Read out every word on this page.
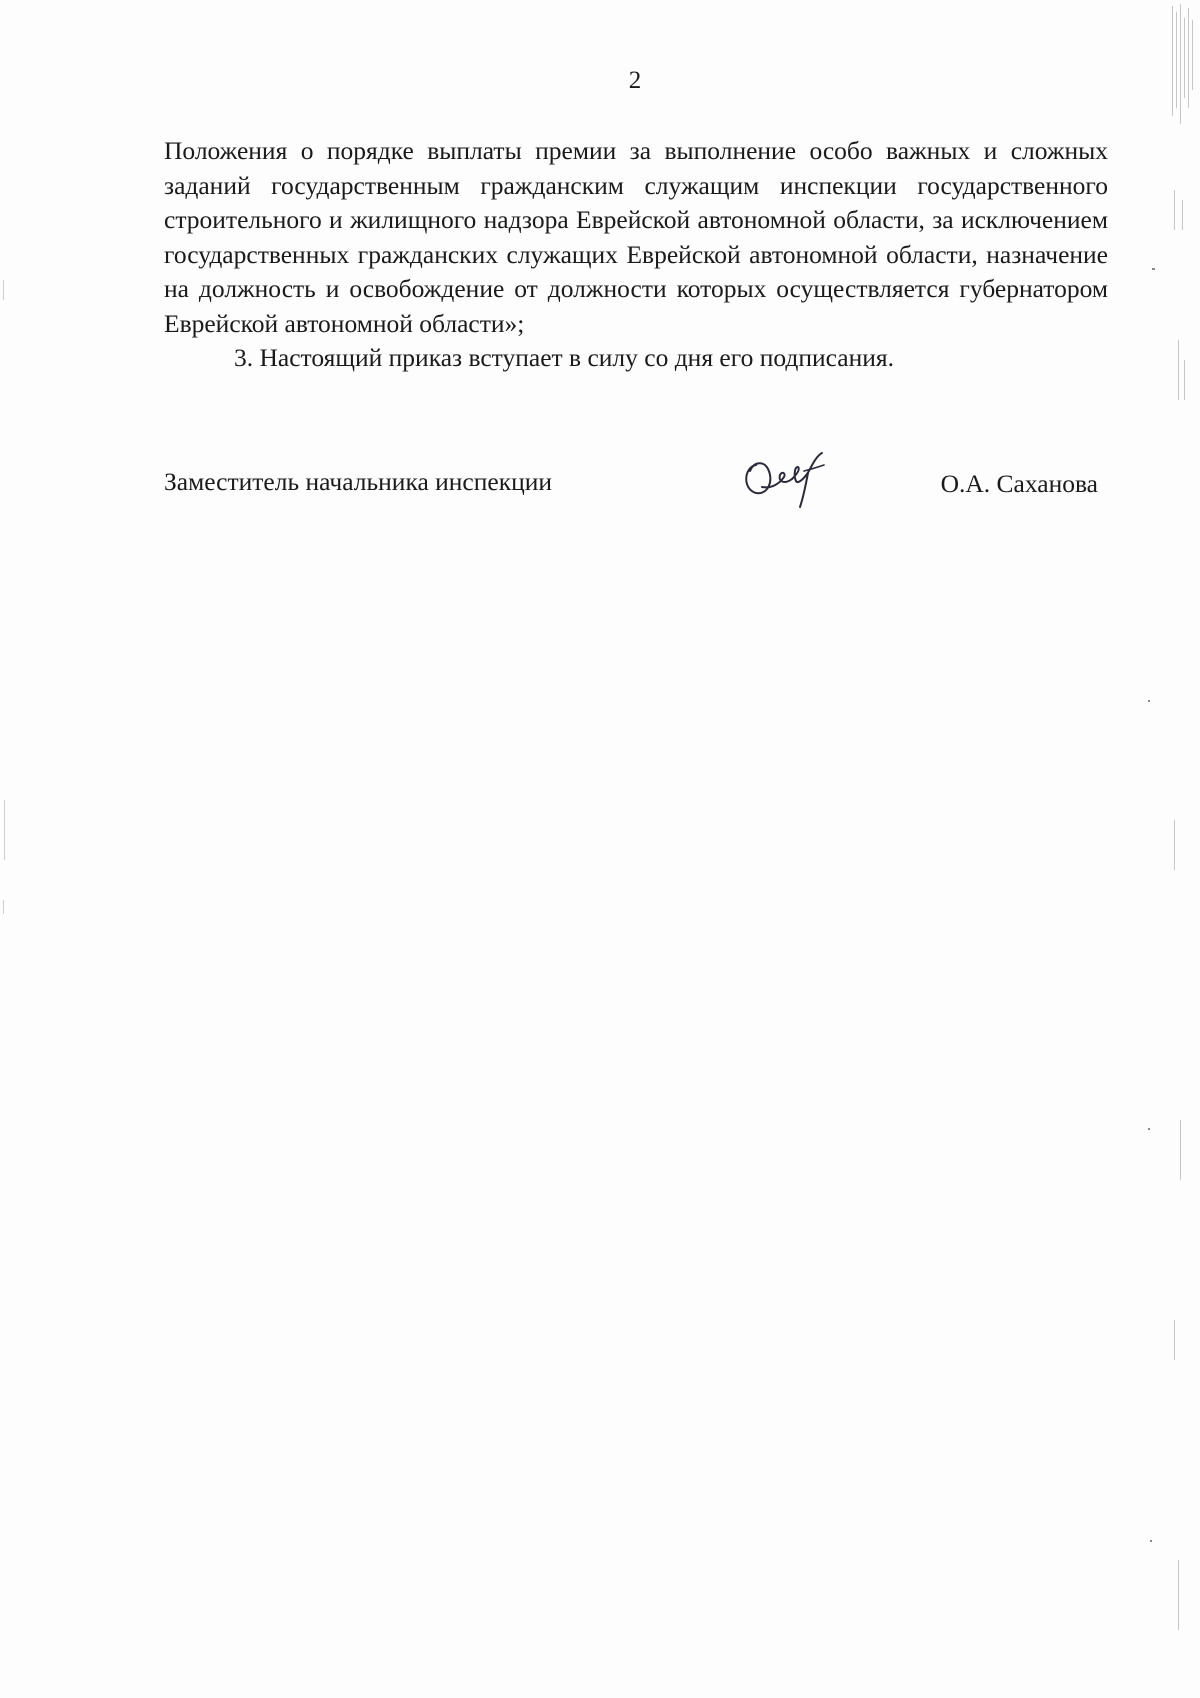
2

Положения о порядке выплаты премии за выполнение особо важных и сложных заданий государственным гражданским служащим инспекции государственного строительного и жилищного надзора Еврейской автономной области, за исключением государственных гражданских служащих Еврейской автономной области, назначение на должность и освобождение от должности которых осуществляется губернатором Еврейской автономной области»;

3. Настоящий приказ вступает в силу со дня его подписания.

Заместитель начальника инспекции	О.А. Саханова
